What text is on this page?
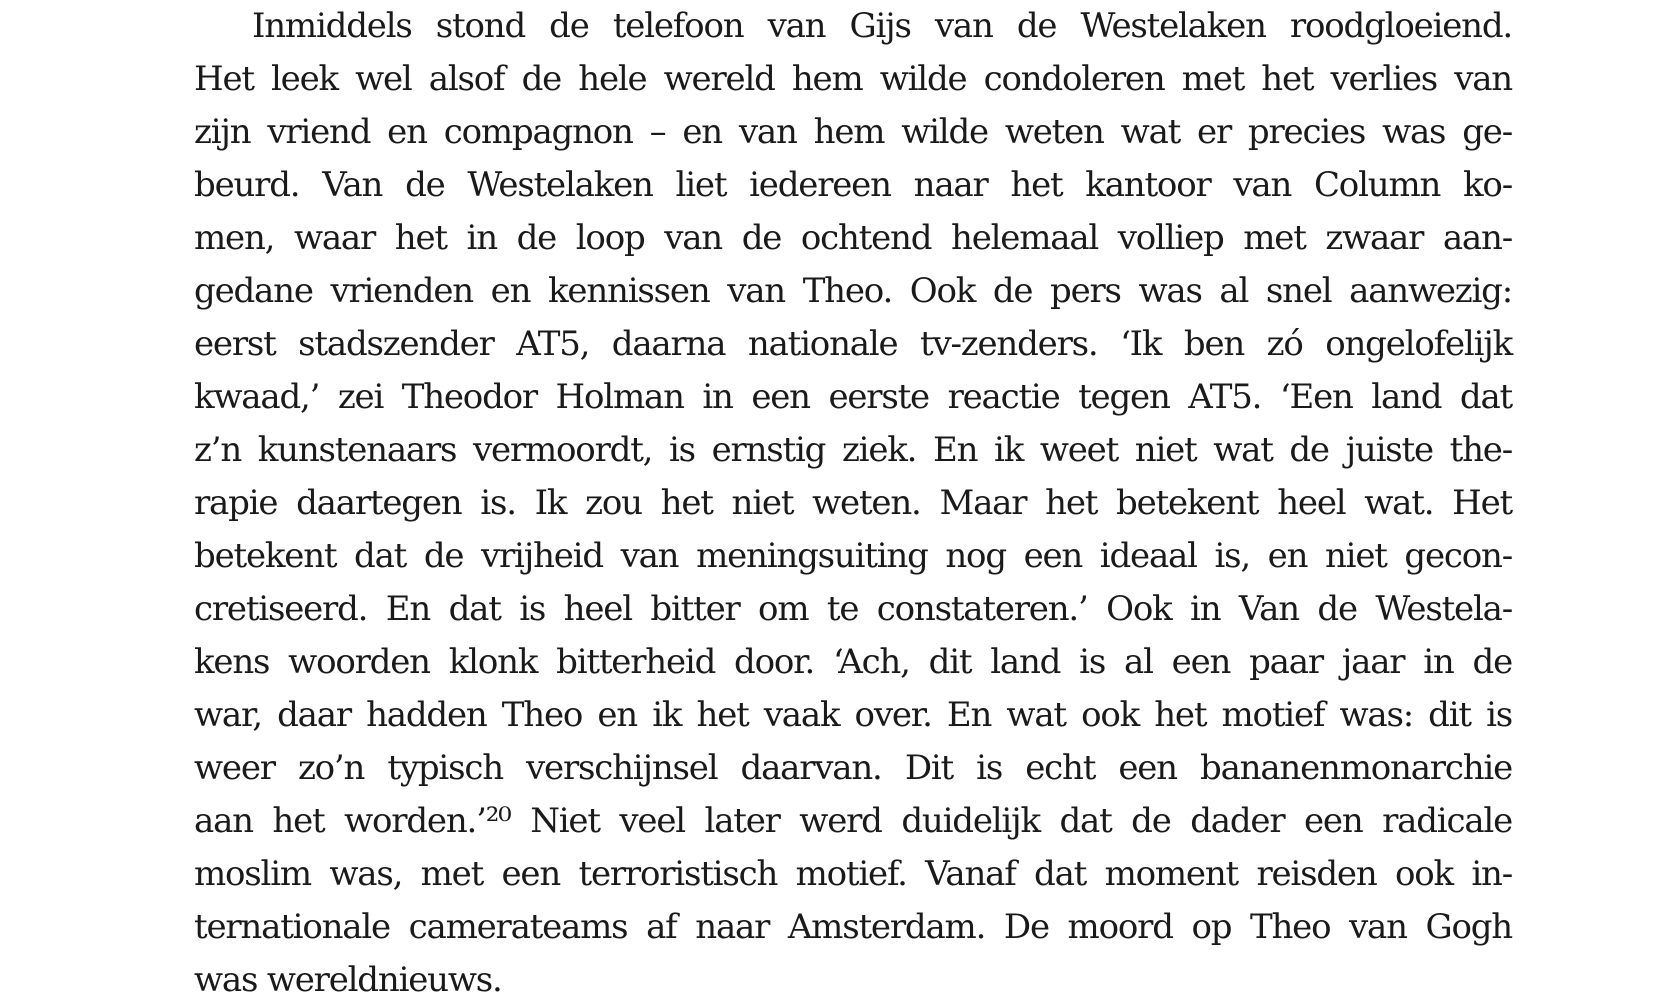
Inmiddels stond de telefoon van Gijs van de Westelaken roodgloeiend.
Het leek wel alsof de hele wereld hem wilde condoleren met het verlies van
zijn vriend en compagnon – en van hem wilde weten wat er precies was ge-
beurd. Van de Westelaken liet iedereen naar het kantoor van Column ko-
men, waar het in de loop van de ochtend helemaal volliep met zwaar aan-
gedane vrienden en kennissen van Theo. Ook de pers was al snel aanwezig:
eerst stadszender AT5, daarna nationale tv-zenders. ‘Ik ben zó ongelofelijk
kwaad,’ zei Theodor Holman in een eerste reactie tegen AT5. ‘Een land dat
z’n kunstenaars vermoordt, is ernstig ziek. En ik weet niet wat de juiste the-
rapie daartegen is. Ik zou het niet weten. Maar het betekent heel wat. Het
betekent dat de vrijheid van meningsuiting nog een ideaal is, en niet gecon-
cretiseerd. En dat is heel bitter om te constateren.’ Ook in Van de Westela-
kens woorden klonk bitterheid door. ‘Ach, dit land is al een paar jaar in de
war, daar hadden Theo en ik het vaak over. En wat ook het motief was: dit is
weer zo’n typisch verschijnsel daarvan. Dit is echt een bananenmonarchie
aan het worden.’²⁰ Niet veel later werd duidelijk dat de dader een radicale
moslim was, met een terroristisch motief. Vanaf dat moment reisden ook in-
ternationale camerateams af naar Amsterdam. De moord op Theo van Gogh
was wereldnieuws.
